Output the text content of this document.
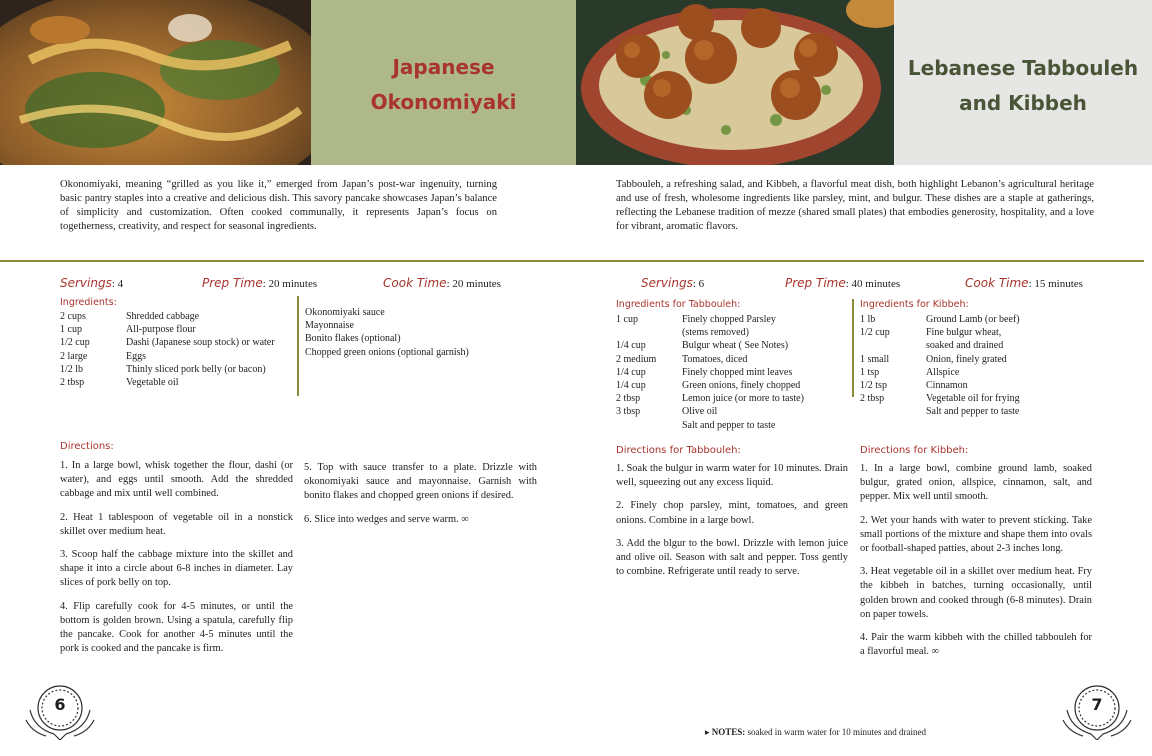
Japanese
Okonomiyaki
Lebanese Tabbouleh
and Kibbeh
Okonomiyaki, meaning “grilled as you like it,” emerged from Japan’s post-war ingenuity, turning basic pantry staples into a creative and delicious dish. This savory pancake showcases Japan’s balance of simplicity and customization. Often cooked communally, it represents Japan’s focus on togetherness, creativity, and respect for seasonal ingredients.
Tabbouleh, a refreshing salad, and Kibbeh, a flavorful meat dish, both highlight Lebanon’s agricultural heritage and use of fresh, wholesome ingredients like parsley, mint, and bulgur. These dishes are a staple at gatherings, reflecting the Lebanese tradition of mezze (shared small plates) that embodies generosity, hospitality, and a love for vibrant, aromatic flavors.
Servings: 4	Prep Time: 20 minutes	Cook Time: 20 minutes
Ingredients:
2 cups	Shredded cabbage
1 cup	All-purpose flour
1/2 cup	Dashi (Japanese soup stock) or water
2 large	Eggs
1/2 lb	Thinly sliced pork belly (or bacon)
2 tbsp	Vegetable oil
Okonomiyaki sauce
Mayonnaise
Bonito flakes (optional)
Chopped green onions (optional garnish)
Directions:

1. In a large bowl, whisk together the flour, dashi (or water), and eggs until smooth. Add the shredded cabbage and mix until well combined.

2. Heat 1 tablespoon of vegetable oil in a nonstick skillet over medium heat.

3. Scoop half the cabbage mixture into the skillet and shape it into a circle about 6-8 inches in diameter. Lay slices of pork belly on top.

4. Flip carefully cook for 4-5 minutes, or until the bottom is golden brown. Using a spatula, carefully flip the pancake. Cook for another 4-5 minutes until the pork is cooked and the pancake is firm.

5. Top with sauce transfer to a plate. Drizzle with okonomiyaki sauce and mayonnaise. Garnish with bonito flakes and chopped green onions if desired.

6. Slice into wedges and serve warm. ∞

Servings: 6	Prep Time: 40 minutes	Cook Time: 15 minutes
Ingredients for Tabbouleh:
1 cup	Finely chopped Parsley
(stems removed)
1/4 cup	Bulgur wheat ( See Notes)
2 medium	Tomatoes, diced
1/4 cup	Finely chopped mint leaves
1/4 cup	Green onions, finely chopped
2 tbsp	Lemon juice (or more to taste)
3 tbsp	Olive oil
Salt and pepper to taste
Ingredients for Kibbeh:
1 lb	Ground Lamb (or beef)
1/2 cup	Fine bulgur wheat,
soaked and drained
1 small	Onion, finely grated
1 tsp	Allspice
1/2 tsp	Cinnamon
2 tbsp	Vegetable oil for frying
Salt and pepper to taste
Directions for Tabbouleh:

1. Soak the bulgur in warm water for 10 minutes. Drain well, squeezing out any excess liquid.

2. Finely chop parsley, mint, tomatoes, and green onions. Combine in a large bowl.

3. Add the blgur to the bowl. Drizzle with lemon juice and olive oil. Season with salt and pepper. Toss gently to combine. Refrigerate until ready to serve.

Directions for Kibbeh:

1. In a large bowl, combine ground lamb, soaked bulgur, grated onion, allspice, cinnamon, salt, and pepper. Mix well until smooth.

2. Wet your hands with water to prevent sticking. Take small portions of the mixture and shape them into ovals or football-shaped patties, about 2-3 inches long.

3. Heat vegetable oil in a skillet over medium heat. Fry the kibbeh in batches, turning occasionally, until golden brown and cooked through (6-8 minutes). Drain on paper towels.

4. Pair the warm kibbeh with the chilled tabbouleh for a flavorful meal. ∞

▸ NOTES: soaked in warm water for 10 minutes and drained
6	7
